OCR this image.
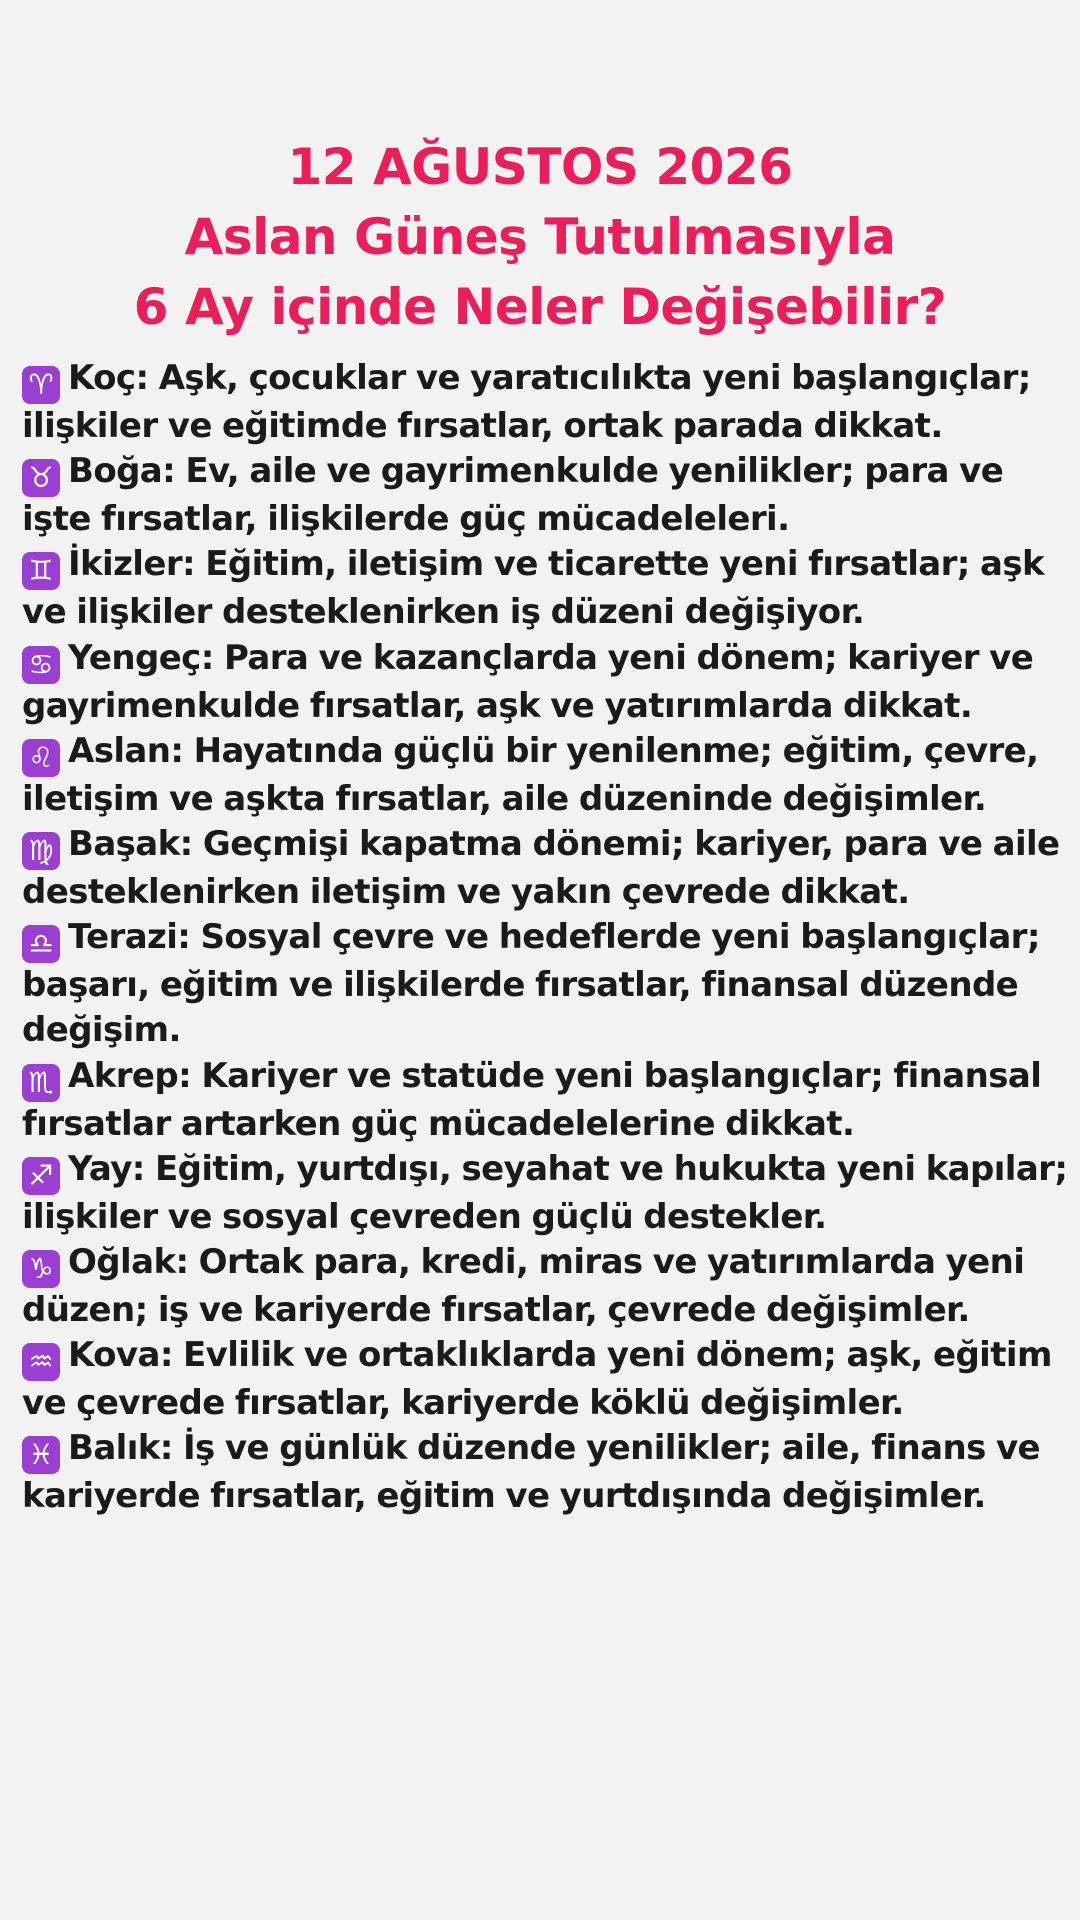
12 AĞUSTOS 2026
Aslan Güneş Tutulmasıyla
6 Ay içinde Neler Değişebilir?
♈ Koç: Aşk, çocuklar ve yaratıcılıkta yeni başlangıçlar; ilişkiler ve eğitimde fırsatlar, ortak parada dikkat.
♉ Boğa: Ev, aile ve gayrimenkulde yenilikler; para ve işte fırsatlar, ilişkilerde güç mücadeleleri.
♊ İkizler: Eğitim, iletişim ve ticarette yeni fırsatlar; aşk ve ilişkiler desteklenirken iş düzeni değişiyor.
♋ Yengeç: Para ve kazançlarda yeni dönem; kariyer ve gayrimenkulde fırsatlar, aşk ve yatırımlarda dikkat.
♌ Aslan: Hayatında güçlü bir yenilenme; eğitim, çevre, iletişim ve aşkta fırsatlar, aile düzeninde değişimler.
♍ Başak: Geçmişi kapatma dönemi; kariyer, para ve aile desteklenirken iletişim ve yakın çevrede dikkat.
♎ Terazi: Sosyal çevre ve hedeflerde yeni başlangıçlar; başarı, eğitim ve ilişkilerde fırsatlar, finansal düzende değişim.
♏ Akrep: Kariyer ve statüde yeni başlangıçlar; finansal fırsatlar artarken güç mücadelelerine dikkat.
♐ Yay: Eğitim, yurtdışı, seyahat ve hukukta yeni kapılar; ilişkiler ve sosyal çevreden güçlü destekler.
♑ Oğlak: Ortak para, kredi, miras ve yatırımlarda yeni düzen; iş ve kariyerde fırsatlar, çevrede değişimler.
♒ Kova: Evlilik ve ortaklıklarda yeni dönem; aşk, eğitim ve çevrede fırsatlar, kariyerde köklü değişimler.
♓ Balık: İş ve günlük düzende yenilikler; aile, finans ve kariyerde fırsatlar, eğitim ve yurtdışında değişimler.
